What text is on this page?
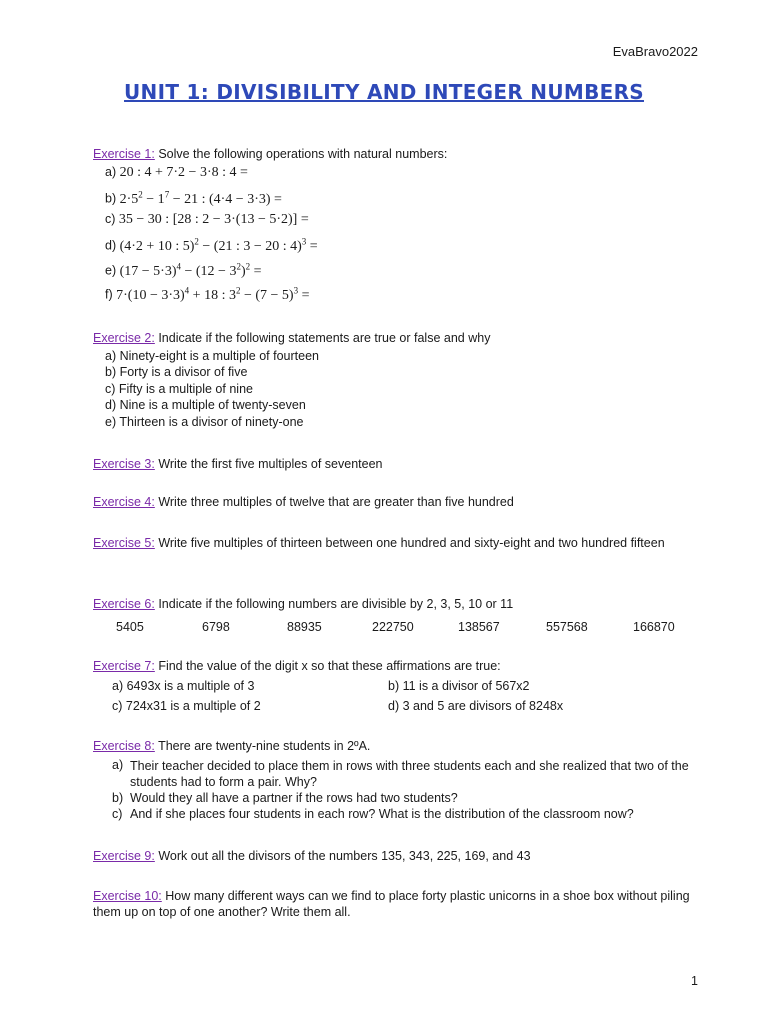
EvaBravo2022
UNIT 1: DIVISIBILITY AND INTEGER NUMBERS
Exercise 1: Solve the following operations with natural numbers:
a) 20 : 4 + 7·2 − 3·8 : 4 =
b) $2\cdot 5^2 - 1^7 - 21$ : (4·4 − 3·3) =
c) 35 − 30 : [28 : 2 − 3·(13 − 5·2)] =
d) (4·2 + 10 : 5)$^2$ − (21 : 3 − 20 : 4)$^3$ =
e) $(17 - 5\cdot 3)^4 - (12 - 3^2)^2$ =
f) $7\cdot(10 - 3\cdot 3)^4 + 18$ : $3^2 - (7 - 5)^3$ =
Exercise 2: Indicate if the following statements are true or false and why
a) Ninety-eight is a multiple of fourteen
b) Forty is a divisor of five
c) Fifty is a multiple of nine
d) Nine is a multiple of twenty-seven
e) Thirteen is a divisor of ninety-one
Exercise 3: Write the first five multiples of seventeen
Exercise 4: Write three multiples of twelve that are greater than five hundred
Exercise 5: Write five multiples of thirteen between one hundred and sixty-eight and two hundred fifteen
Exercise 6: Indicate if the following numbers are divisible by 2, 3, 5, 10 or 11
5405	6798	88935	222750	138567	557568	166870
Exercise 7: Find the value of the digit x so that these affirmations are true:
a) 6493x is a multiple of 3	b) 11 is a divisor of 567x2
c) 724x31 is a multiple of 2	d) 3 and 5 are divisors of 8248x
Exercise 8: There are twenty-nine students in 2ºA.
a) Their teacher decided to place them in rows with three students each and she realized that two of the students had to form a pair. Why?
b) Would they all have a partner if the rows had two students?
c) And if she places four students in each row? What is the distribution of the classroom now?
Exercise 9: Work out all the divisors of the numbers 135, 343, 225, 169, and 43
Exercise 10: How many different ways can we find to place forty plastic unicorns in a shoe box without piling them up on top of one another? Write them all.
1
